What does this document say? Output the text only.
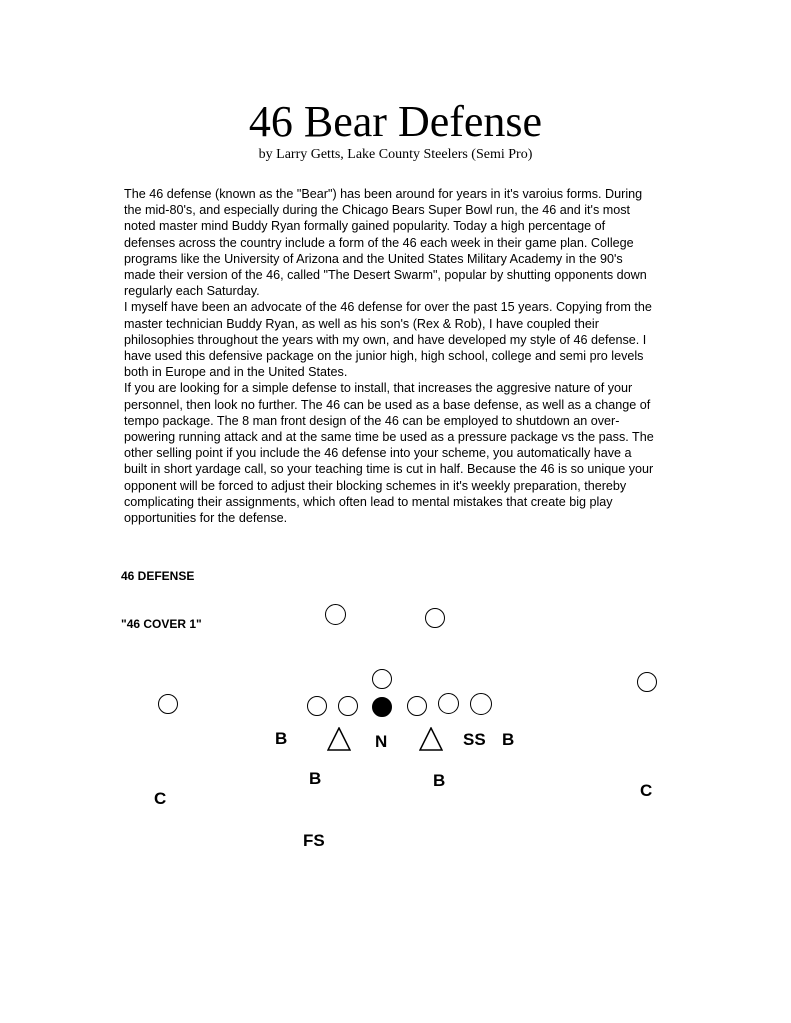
46 Bear Defense
by Larry Getts, Lake County Steelers (Semi Pro)

The 46 defense (known as the "Bear") has been around for years in it's varoius forms. During the mid-80's, and especially during the Chicago Bears Super Bowl run, the 46 and it's most noted master mind Buddy Ryan formally gained popularity. Today a high percentage of defenses across the country include a form of the 46 each week in their game plan. College programs like the University of Arizona and the United States Military Academy in the 90's made their version of the 46, called "The Desert Swarm", popular by shutting opponents down regularly each Saturday.

I myself have been an advocate of the 46 defense for over the past 15 years. Copying from the master technician Buddy Ryan, as well as his son's (Rex & Rob), I have coupled their philosophies throughout the years with my own, and have developed my style of 46 defense. I have used this defensive package on the junior high, high school, college and semi pro levels both in Europe and in the United States.

If you are looking for a simple defense to install, that increases the aggresive nature of your personnel, then look no further. The 46 can be used as a base defense, as well as a change of tempo package. The 8 man front design of the 46 can be employed to shutdown an over-powering running attack and at the same time be used as a pressure package vs the pass. The other selling point if you include the 46 defense into your scheme, you automatically have a built in short yardage call, so your teaching time is cut in half. Because the 46 is so unique your opponent will be forced to adjust their blocking schemes in it's weekly preparation, thereby complicating their assignments, which often lead to mental mistakes that create big play opportunities for the defense.

46 DEFENSE
"46 COVER 1"
B	N	SS B
B	B
C	C
FS
